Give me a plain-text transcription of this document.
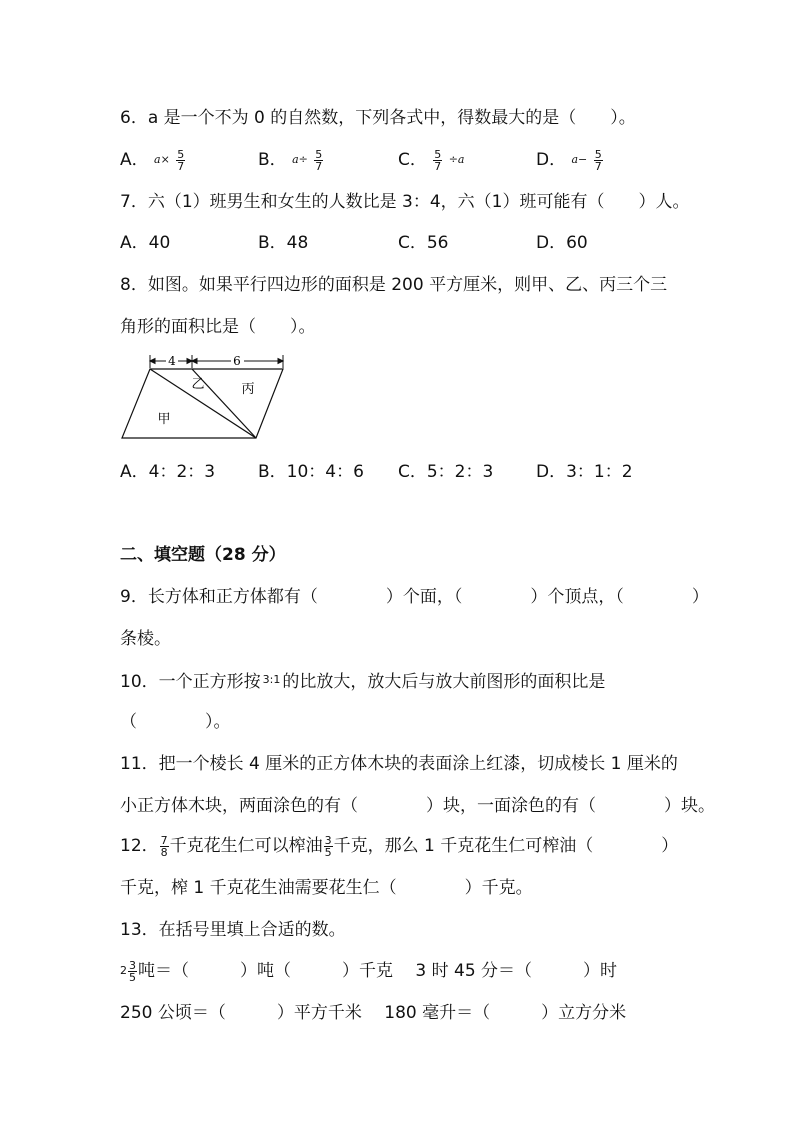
6．a 是一个不为 0 的自然数，下列各式中，得数最大的是（　　）。
A． $a\times \frac{5}{7}$	B． $a\div \frac{5}{7}$	C． $\frac{5}{7} \div a$	D． $a- \frac{5}{7}$
7．六（1）班男生和女生的人数比是 3：4，六（1）班可能有（　　）人。
A．40	B．48	C．56	D．60
8．如图。如果平行四边形的面积是 200 平方厘米，则甲、乙、丙三个三
角形的面积比是（　　）。
4	6
甲
乙	丙
A．4：2：3	B．10：4：6 C．5：2：3	D．3：1：2
二、填空题（28 分）
9．长方体和正方体都有（　　　　）个面，（　　　　）个顶点，（　　　　）
条棱。
10．一个正方形按 $^{3:1}$ 的比放大，放大后与放大前图形的面积比是
（　　　　）。
11．把一个棱长 4 厘米的正方体木块的表面涂上红漆，切成棱长 1 厘米的
小正方体木块，两面涂色的有（　　　　）块，一面涂色的有（　　　　）块。
12． $\frac{7}{8}$ 千克花生仁可以榨油 $\frac{3}{5}$ 千克，那么 1 千克花生仁可榨油（　　　　）
千克，榨 1 千克花生油需要花生仁（　　　　）千克。
13．在括号里填上合适的数。
$2 \frac{3}{5}$ 吨＝（　　　）吨（　　　）千克　 3 时 45 分＝（　　　）时
250 公顷＝（　　　）平方千米　 180 毫升＝（　　　）立方分米
